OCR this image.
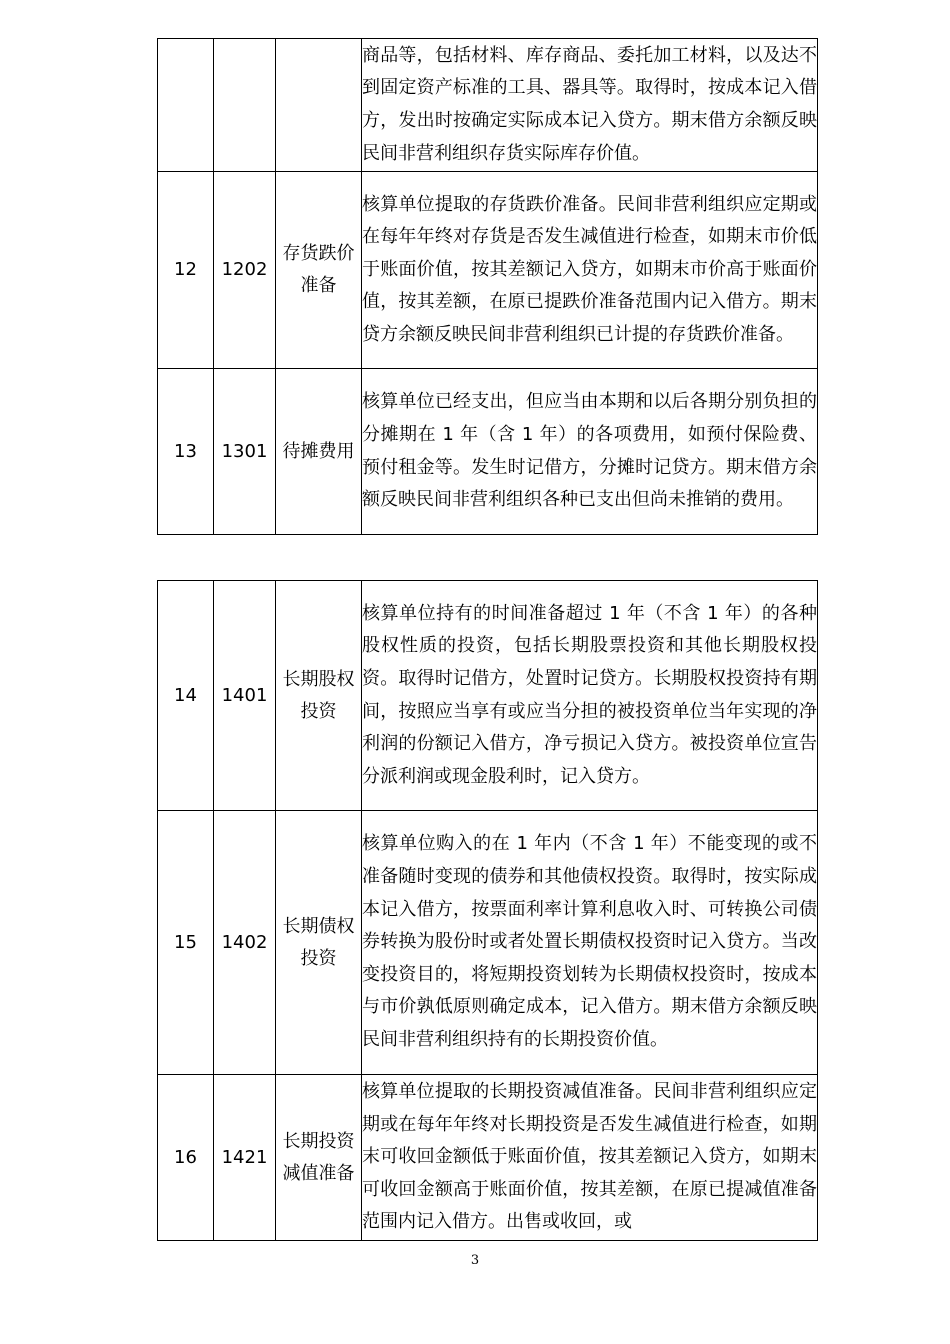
			商品等，包括材料、库存商品、委托加工材料，以及达不到固定资产标准的工具、器具等。取得时，按成本记入借方，发出时按确定实际成本记入贷方。期末借方余额反映民间非营利组织存货实际库存价值。
12	1202	存货跌价准备	核算单位提取的存货跌价准备。民间非营利组织应定期或在每年年终对存货是否发生减值进行检查，如期末市价低于账面价值，按其差额记入贷方，如期末市价高于账面价值，按其差额，在原已提跌价准备范围内记入借方。期末贷方余额反映民间非营利组织已计提的存货跌价准备。
13	1301	待摊费用	核算单位已经支出，但应当由本期和以后各期分别负担的分摊期在 1 年（含 1 年）的各项费用，如预付保险费、预付租金等。发生时记借方，分摊时记贷方。期末借方余额反映民间非营利组织各种已支出但尚未推销的费用。
14	1401	长期股权投资	核算单位持有的时间准备超过 1 年（不含 1 年）的各种股权性质的投资，包括长期股票投资和其他长期股权投资。取得时记借方，处置时记贷方。长期股权投资持有期间，按照应当享有或应当分担的被投资单位当年实现的净利润的份额记入借方，净亏损记入贷方。被投资单位宣告分派利润或现金股利时，记入贷方。
15	1402	长期债权投资	核算单位购入的在 1 年内（不含 1 年）不能变现的或不准备随时变现的债券和其他债权投资。取得时，按实际成本记入借方，按票面利率计算利息收入时、可转换公司债券转换为股份时或者处置长期债权投资时记入贷方。当改变投资目的，将短期投资划转为长期债权投资时，按成本与市价孰低原则确定成本，记入借方。期末借方余额反映民间非营利组织持有的长期投资价值。
16	1421	长期投资减值准备	核算单位提取的长期投资减值准备。民间非营利组织应定期或在每年年终对长期投资是否发生减值进行检查，如期末可收回金额低于账面价值，按其差额记入贷方，如期末可收回金额高于账面价值，按其差额，在原已提减值准备范围内记入借方。出售或收回，或
3
